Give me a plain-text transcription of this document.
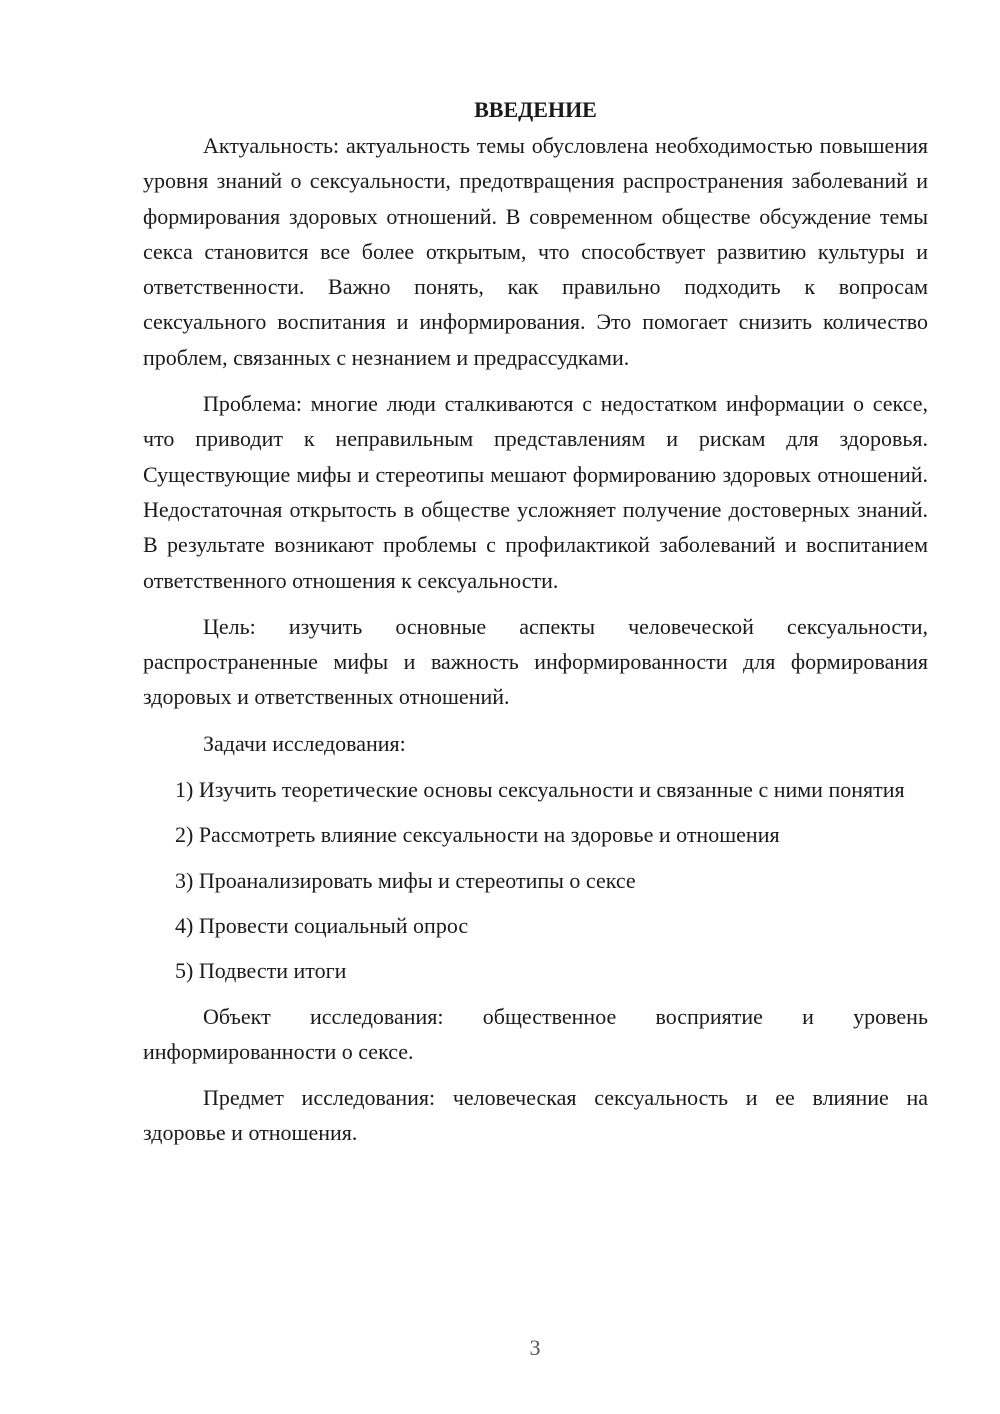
ВВЕДЕНИЕ

Актуальность: актуальность темы обусловлена необходимостью повышения уровня знаний о сексуальности, предотвращения распространения заболеваний и формирования здоровых отношений. В современном обществе обсуждение темы секса становится все более открытым, что способствует развитию культуры и ответственности. Важно понять, как правильно подходить к вопросам сексуального воспитания и информирования. Это помогает снизить количество проблем, связанных с незнанием и предрассудками.

Проблема: многие люди сталкиваются с недостатком информации о сексе, что приводит к неправильным представлениям и рискам для здоровья. Существующие мифы и стереотипы мешают формированию здоровых отношений. Недостаточная открытость в обществе усложняет получение достоверных знаний. В результате возникают проблемы с профилактикой заболеваний и воспитанием ответственного отношения к сексуальности.

Цель: изучить основные аспекты человеческой сексуальности, распространенные мифы и важность информированности для формирования здоровых и ответственных отношений.

Задачи исследования:

1) Изучить теоретические основы сексуальности и связанные с ними понятия

2) Рассмотреть влияние сексуальности на здоровье и отношения

3) Проанализировать мифы и стереотипы о сексе

4) Провести социальный опрос

5) Подвести итоги

Объект исследования: общественное восприятие и уровень информированности о сексе.

Предмет исследования: человеческая сексуальность и ее влияние на здоровье и отношения.

3
